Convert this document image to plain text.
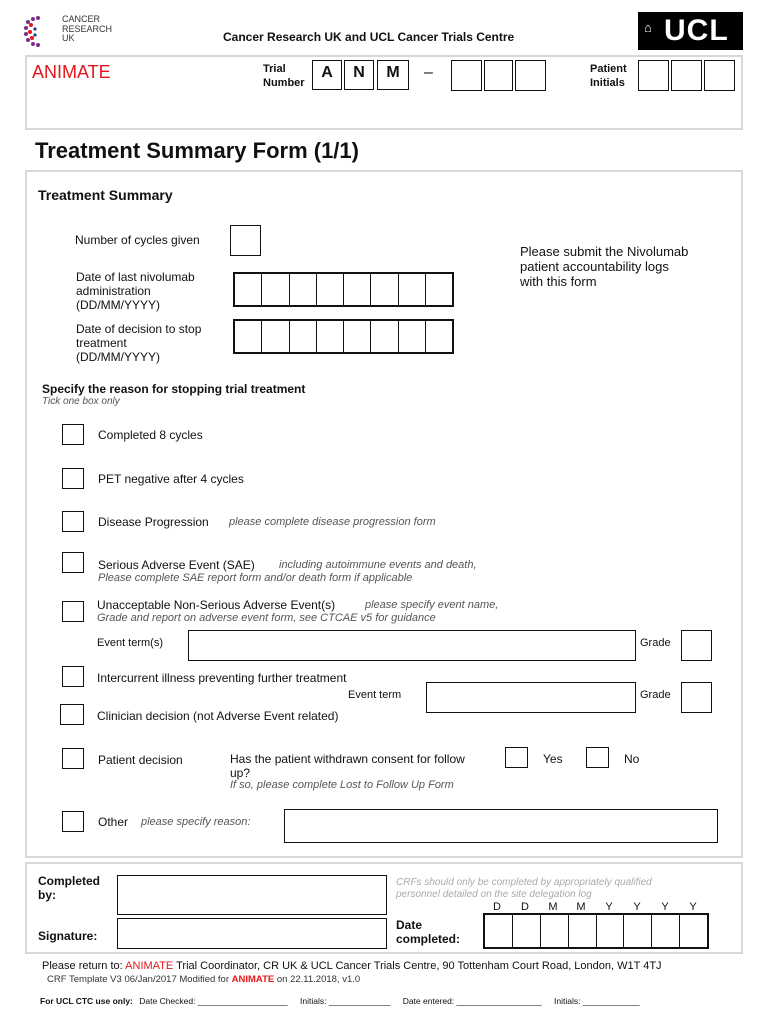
CANCER
RESEARCH
UK	Cancer Research UK and UCL Cancer Trials Centre
⌂ UCL
ANIMATE	Trial
Number
A	N	M	–	Patient
Initials
Treatment Summary Form (1/1)
Treatment Summary
Number of cycles given
Date of last nivolumab
administration
(DD/MM/YYYY)
Date of decision to stop
treatment
(DD/MM/YYYY)
Please submit the Nivolumab
patient accountability logs
with this form
Specify the reason for stopping trial treatment
Tick one box only
Completed 8 cycles
PET negative after 4 cycles
Disease Progression please complete disease progression form
Serious Adverse Event (SAE) including autoimmune events and death,
Please complete SAE report form and/or death form if applicable
Unacceptable Non-Serious Adverse Event(s)	please specify event name,
Grade and report on adverse event form, see CTCAE v5 for guidance
Event term(s)	Grade
Intercurrent illness preventing further treatment
Event term	Grade
Clinician decision (not Adverse Event related)
Patient decision	Has the patient withdrawn consent for follow
up?
If so, please complete Lost to Follow Up Form
Yes	No
Other please specify reason:
Completed by:
Signature:
CRFs should only be completed by appropriately qualified
personnel detailed on the site delegation log
D	D	M	M	Y	Y	Y	Y
Date completed:
Please return to: ANIMATE Trial Coordinator, CR UK & UCL Cancer Trials Centre, 90 Tottenham Court Road, London, W1T 4TJ
CRF Template V3 06/Jan/2017 Modified for ANIMATE on 22.11.2018, v1.0
For UCL CTC use only: Date Checked: ___________________ Initials: _____________ Date entered: __________________ Initials: ____________
